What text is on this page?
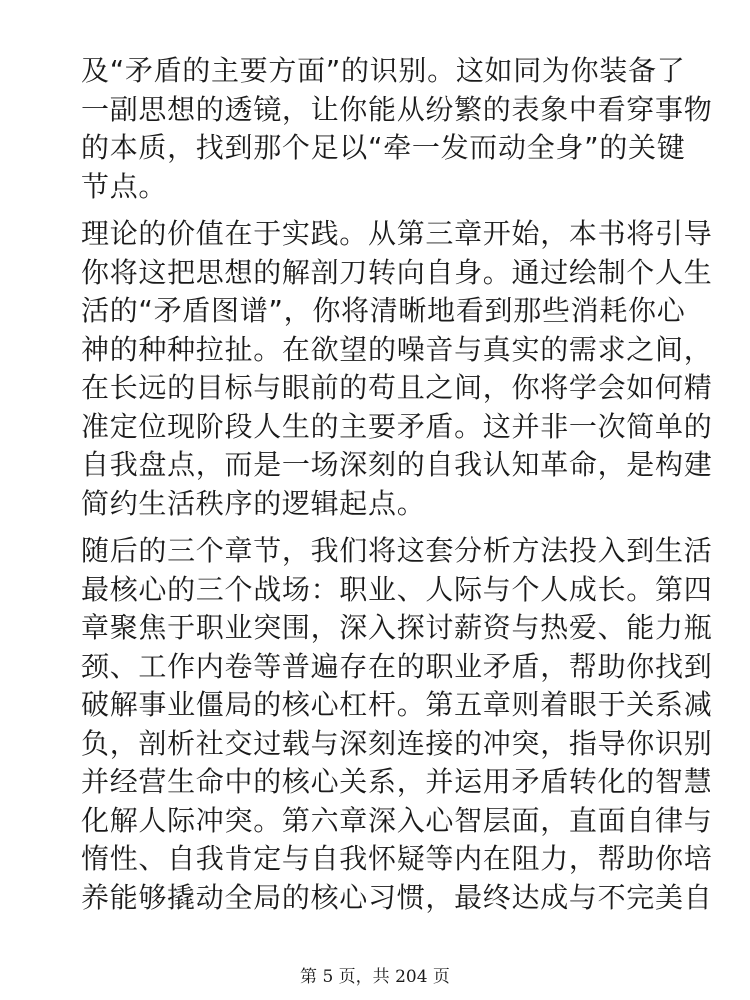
及“矛盾的主要方面”的识别。这如同为你装备了
一副思想的透镜，让你能从纷繁的表象中看穿事物
的本质，找到那个足以“牵一发而动全身”的关键
节点。

理论的价值在于实践。从第三章开始，本书将引导
你将这把思想的解剖刀转向自身。通过绘制个人生
活的“矛盾图谱”，你将清晰地看到那些消耗你心
神的种种拉扯。在欲望的噪音与真实的需求之间，
在长远的目标与眼前的苟且之间，你将学会如何精
准定位现阶段人生的主要矛盾。这并非一次简单的
自我盘点，而是一场深刻的自我认知革命，是构建
简约生活秩序的逻辑起点。

随后的三个章节，我们将这套分析方法投入到生活
最核心的三个战场：职业、人际与个人成长。第四
章聚焦于职业突围，深入探讨薪资与热爱、能力瓶
颈、工作内卷等普遍存在的职业矛盾，帮助你找到
破解事业僵局的核心杠杆。第五章则着眼于关系减
负，剖析社交过载与深刻连接的冲突，指导你识别
并经营生命中的核心关系，并运用矛盾转化的智慧
化解人际冲突。第六章深入心智层面，直面自律与
惰性、自我肯定与自我怀疑等内在阻力，帮助你培
养能够撬动全局的核心习惯，最终达成与不完美自

第 5 页，共 204 页
